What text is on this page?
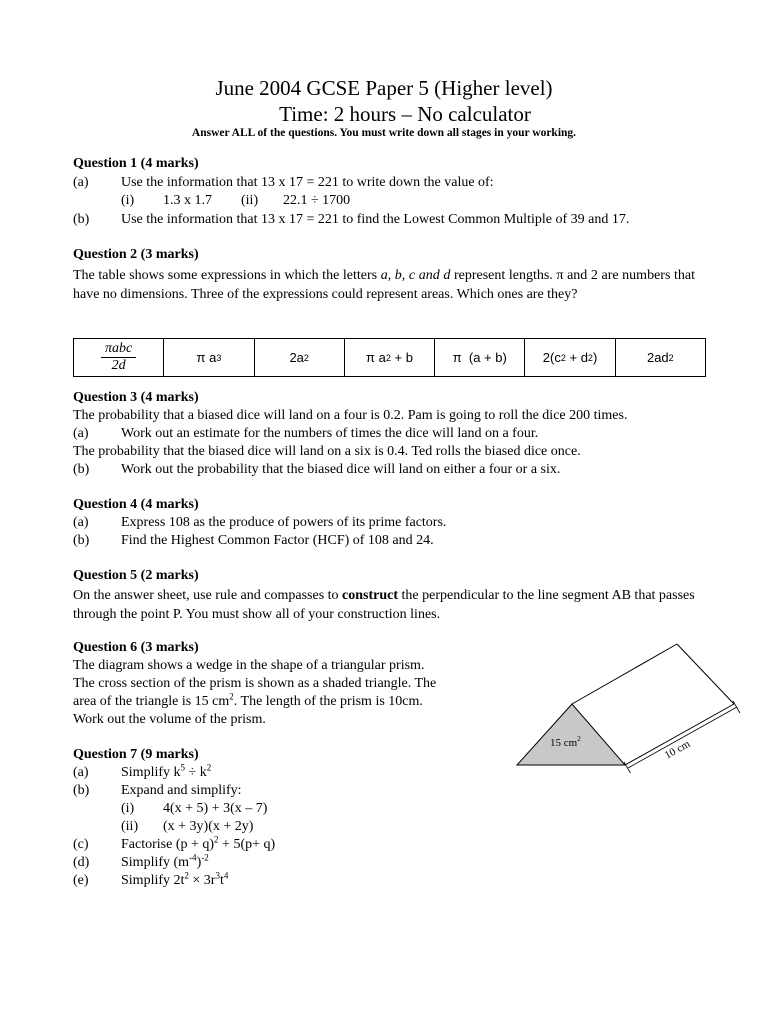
June 2004 GCSE Paper 5 (Higher level)
Time: 2 hours – No calculator
Answer ALL of the questions. You must write down all stages in your working.
Question 1 (4 marks)
(a) Use the information that 13 x 17 = 221 to write down the value of:
(i) 1.3 x 1.7 (ii) 22.1 ÷ 1700
(b) Use the information that 13 x 17 = 221 to find the Lowest Common Multiple of 39 and 17.
Question 2 (3 marks)
The table shows some expressions in which the letters a, b, c and d represent lengths. π and 2 are numbers that have no dimensions. Three of the expressions could represent areas. Which ones are they?
$\frac{\text{πabc}}{2d}$	π a 3	2a 2	π a 2 + b	π  (a + b)	2(c 2 + d 2 )	2ad 2
Question 3 (4 marks)
The probability that a biased dice will land on a four is 0.2. Pam is going to roll the dice 200 times.
(a) Work out an estimate for the numbers of times the dice will land on a four.
The probability that the biased dice will land on a six is 0.4. Ted rolls the biased dice once.
(b) Work out the probability that the biased dice will land on either a four or a six.
Question 4 (4 marks)
(a) Express 108 as the produce of powers of its prime factors.
(b) Find the Highest Common Factor (HCF) of 108 and 24.
Question 5 (2 marks)
On the answer sheet, use rule and compasses to construct the perpendicular to the line segment AB that passes through the point P. You must show all of your construction lines.
Question 6 (3 marks)
The diagram shows a wedge in the shape of a triangular prism.
The cross section of the prism is shown as a shaded triangle. The
area of the triangle is 15 $cm^2$. The length of the prism is 10cm.
Work out the volume of the prism.
15 $cm^2$	10 cm
Question 7 (9 marks)
(a) Simplify $k^5 \div k^2$
(b) Expand and simplify:
(i) 4(x + 5) + 3(x – 7)
(ii) (x + 3y)(x + 2y)
(c) Factorise $(p + q)^2 + 5(p+ q)$
(d) Simplify $(m^{-4})^{-2}$
(e) Simplify $2t^2 \times 3r^3t^4$
